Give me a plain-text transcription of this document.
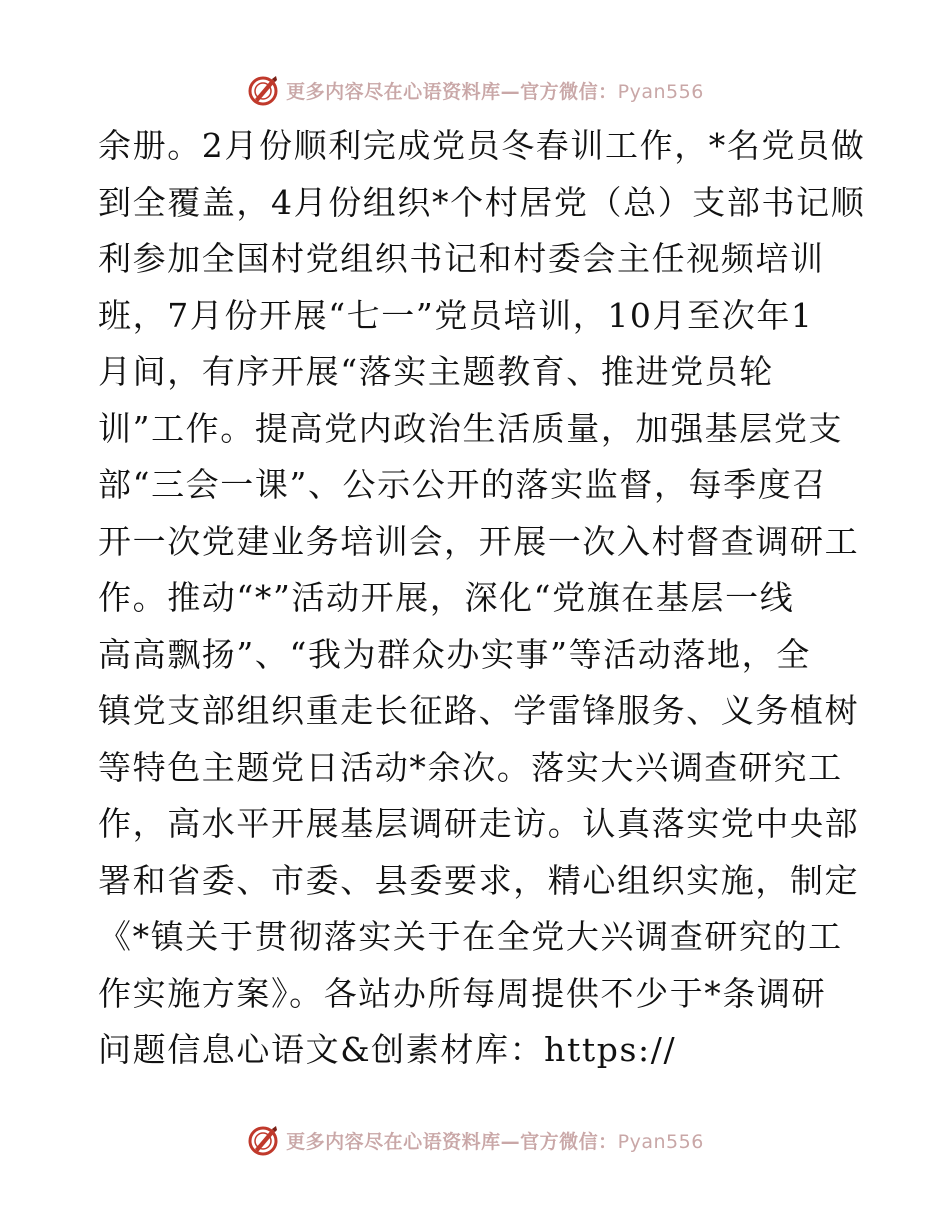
更多内容尽在心语资料库—官方微信：Pyan556
余册。2月份顺利完成党员冬春训工作，*名党员做
到全覆盖，4月份组织*个村居党（总）支部书记顺
利参加全国村党组织书记和村委会主任视频培训
班，7月份开展“七一”党员培训，10月至次年1
月间，有序开展“落实主题教育、推进党员轮
训”工作。提高党内政治生活质量，加强基层党支
部“三会一课”、公示公开的落实监督，每季度召
开一次党建业务培训会，开展一次入村督查调研工
作。推动“*”活动开展，深化“党旗在基层一线
高高飘扬”、“我为群众办实事”等活动落地，全
镇党支部组织重走长征路、学雷锋服务、义务植树
等特色主题党日活动*余次。落实大兴调查研究工
作，高水平开展基层调研走访。认真落实党中央部
署和省委、市委、县委要求，精心组织实施，制定
《*镇关于贯彻落实关于在全党大兴调查研究的工
作实施方案》。各站办所每周提供不少于*条调研
问题信息心语文&创素材库：https://
更多内容尽在心语资料库—官方微信：Pyan556
